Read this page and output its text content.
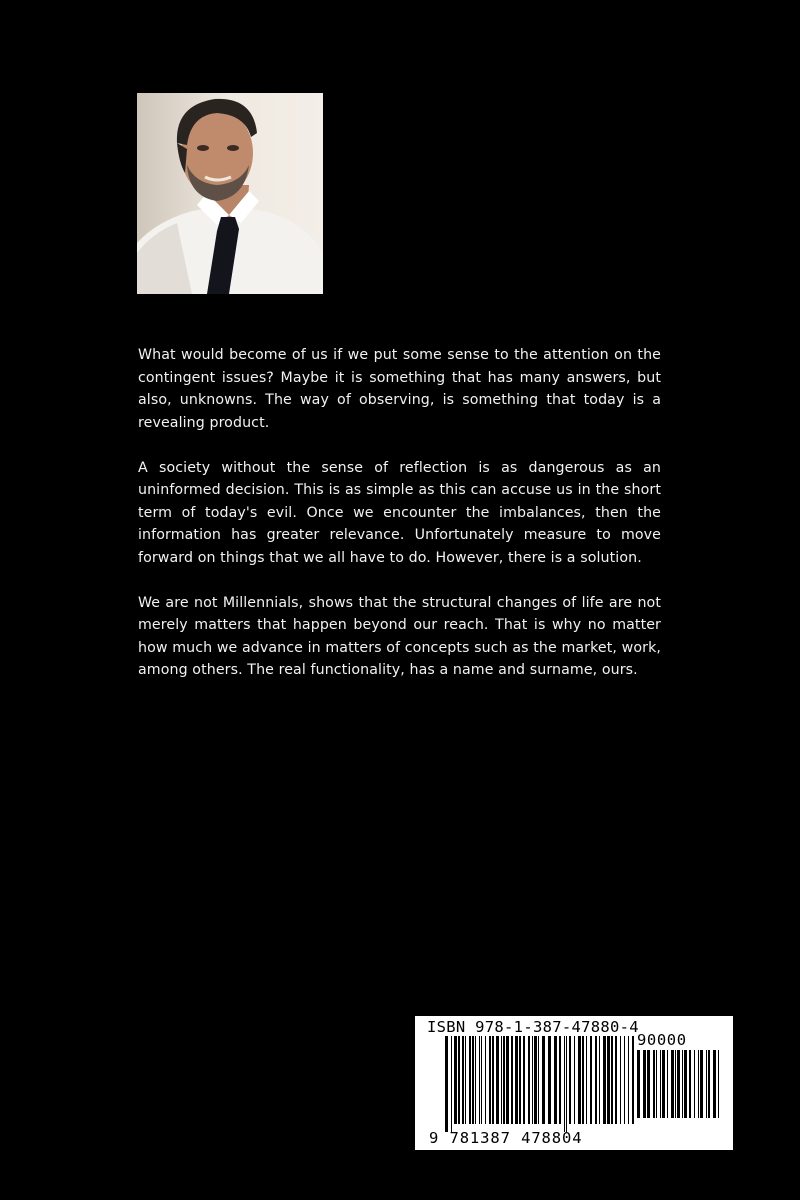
What would become of us if we put some sense to the attention on the contingent issues? Maybe it is something that has many answers, but also, unknowns. The way of observing, is something that today is a revealing product.

A society without the sense of reflection is as dangerous as an uninformed decision. This is as simple as this can accuse us in the short term of today's evil. Once we encounter the imbalances, then the information has greater relevance. Unfortunately measure to move forward on things that we all have to do. However, there is a solution.

We are not Millennials, shows that the structural changes of life are not merely matters that happen beyond our reach. That is why no matter how much we advance in matters of concepts such as the market, work, among others. The real functionality, has a name and surname, ours.

ISBN 978-1-387-47880-4
90000
9 781387 478804
